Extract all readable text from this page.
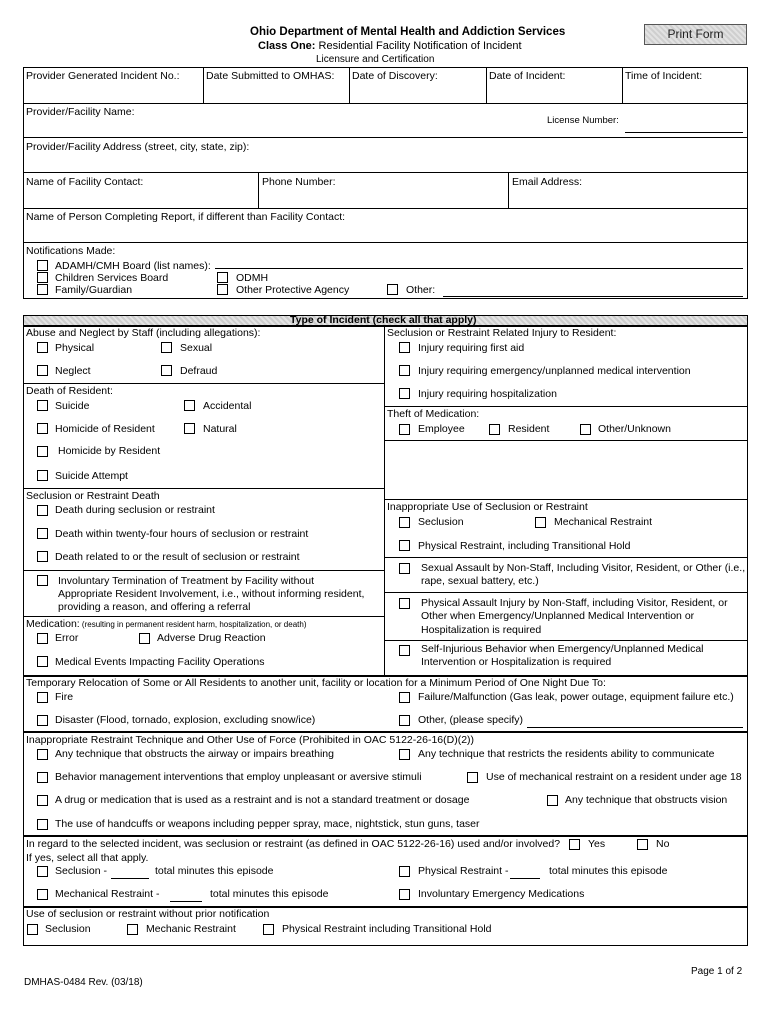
Ohio Department of Mental Health and Addiction Services
Class One: Residential Facility Notification of Incident
Licensure and Certification
Print Form
Provider Generated Incident No.:	Date Submitted to OMHAS: Date of Discovery:	Date of Incident:	Time of Incident:
Provider/Facility Name:
License Number:
Provider/Facility Address (street, city, state, zip):
Name of Facility Contact:	Phone Number:	Email Address:
Name of Person Completing Report, if different than Facility Contact:
Notifications Made:
ADAMH/CMH Board (list names):
Children Services Board
Family/Guardian
ODMH
Other Protective Agency	Other:
Type of Incident (check all that apply)
Abuse and Neglect by Staff (including allegations):
Physical	Sexual
Neglect	Defraud
Death of Resident:
Suicide	Accidental
Homicide of Resident	Natural
Homicide by Resident
Suicide Attempt
Seclusion or Restraint Death
Death during seclusion or restraint
Death within twenty-four hours of seclusion or restraint
Death related to or the result of seclusion or restraint
Involuntary Termination of Treatment by Facility without
Appropriate Resident Involvement, i.e., without informing resident,
providing a reason, and offering a referral
Medication: (resulting in permanent resident harm, hospitalization, or death)
Error	Adverse Drug Reaction
Medical Events Impacting Facility Operations
Seclusion or Restraint Related Injury to Resident:
Injury requiring first aid
Injury requiring emergency/unplanned medical intervention
Injury requiring hospitalization
Theft of Medication:
Employee	Resident	Other/Unknown
Inappropriate Use of Seclusion or Restraint
Seclusion	Mechanical Restraint
Physical Restraint, including Transitional Hold
Sexual Assault by Non-Staff, Including Visitor, Resident, or Other (i.e.,
rape, sexual battery, etc.)
Physical Assault Injury by Non-Staff, including Visitor, Resident, or
Other when Emergency/Unplanned Medical Intervention or
Hospitalization is required
Self-Injurious Behavior when Emergency/Unplanned Medical
Intervention or Hospitalization is required
Temporary Relocation of Some or All Residents to another unit, facility or location for a Minimum Period of One Night Due To:
Fire	Failure/Malfunction (Gas leak, power outage, equipment failure etc.)
Disaster (Flood, tornado, explosion, excluding snow/ice)	Other, (please specify)
Inappropriate Restraint Technique and Other Use of Force (Prohibited in OAC 5122-26-16(D)(2))
Any technique that obstructs the airway or impairs breathing	Any technique that restricts the residents ability to communicate
Behavior management interventions that employ unpleasant or aversive stimuli	Use of mechanical restraint on a resident under age 18
A drug or medication that is used as a restraint and is not a standard treatment or dosage	Any technique that obstructs vision
The use of handcuffs or weapons including pepper spray, mace, nightstick, stun guns, taser
In regard to the selected incident, was seclusion or restraint (as defined in OAC 5122-26-16) used and/or involved?	Yes	No
If yes, select all that apply.
Seclusion -	total minutes this episode	Physical Restraint -	total minutes this episode
Mechanical Restraint -	total minutes this episode	Involuntary Emergency Medications
Use of seclusion or restraint without prior notification
Seclusion	Mechanic Restraint	Physical Restraint including Transitional Hold
Page 1 of 2
DMHAS-0484 Rev. (03/18)
